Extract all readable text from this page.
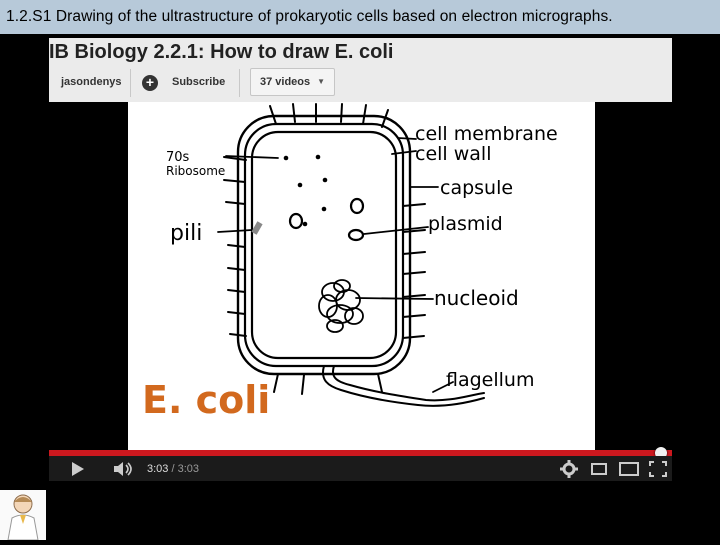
1.2.S1 Drawing of the ultrastructure of prokaryotic cells based on electron micrographs.
IB Biology 2.2.1: How to draw E. coli
jasondenys +	Subscribe	37 videos ▼
70s
Ribosome
pili
cell membrane
cell wall
capsule
plasmid
nucleoid
flagellum
E. coli
3:03 / 3:03
